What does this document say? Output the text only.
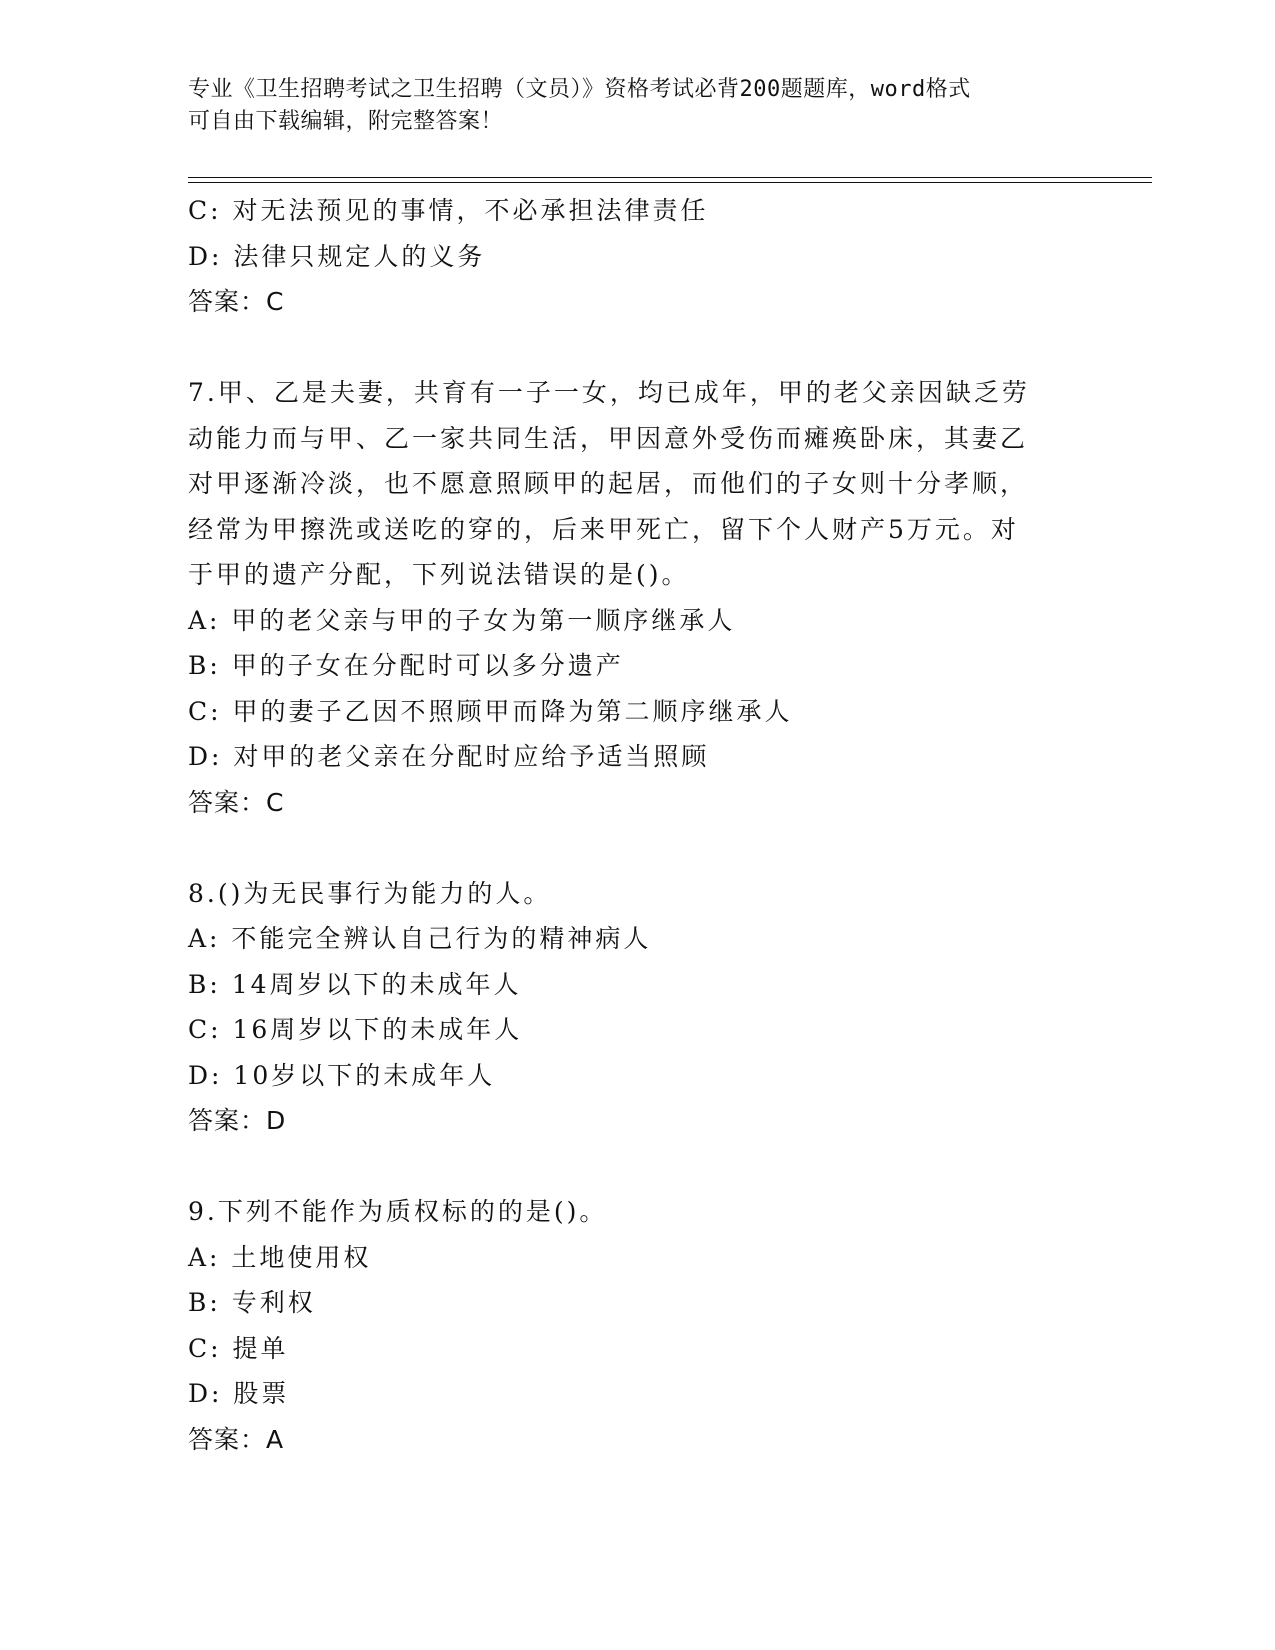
专业《卫生招聘考试之卫生招聘（文员）》资格考试必背200题题库，word格式
可自由下载编辑，附完整答案！
C: 对无法预见的事情，不必承担法律责任
D: 法律只规定人的义务
答案：C
7.甲、乙是夫妻，共育有一子一女，均已成年，甲的老父亲因缺乏劳
动能力而与甲、乙一家共同生活，甲因意外受伤而瘫痪卧床，其妻乙
对甲逐渐冷淡，也不愿意照顾甲的起居，而他们的子女则十分孝顺，
经常为甲擦洗或送吃的穿的，后来甲死亡，留下个人财产5万元。对
于甲的遗产分配，下列说法错误的是()。
A: 甲的老父亲与甲的子女为第一顺序继承人
B: 甲的子女在分配时可以多分遗产
C: 甲的妻子乙因不照顾甲而降为第二顺序继承人
D: 对甲的老父亲在分配时应给予适当照顾
答案：C
8.()为无民事行为能力的人。
A: 不能完全辨认自己行为的精神病人
B: 14周岁以下的未成年人
C: 16周岁以下的未成年人
D: 10岁以下的未成年人
答案：D
9.下列不能作为质权标的的是()。
A: 土地使用权
B: 专利权
C: 提单
D: 股票
答案：A
